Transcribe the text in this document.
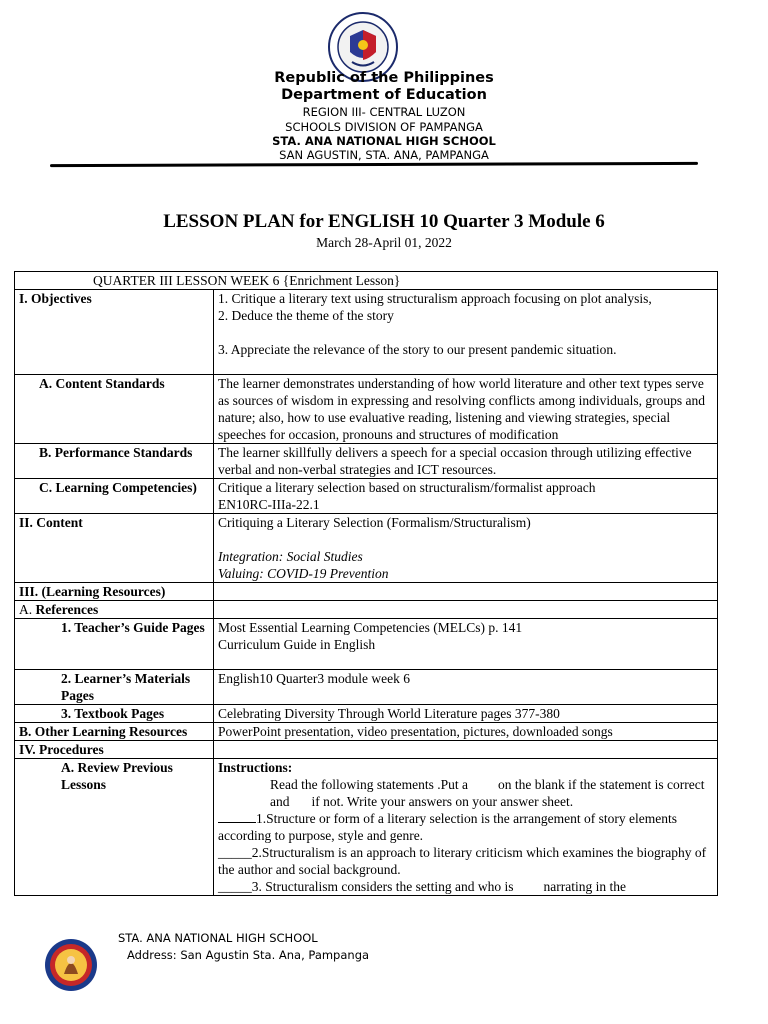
Republic of the Philippines
Department of Education
REGION III- CENTRAL LUZON
SCHOOLS DIVISION OF PAMPANGA
STA. ANA NATIONAL HIGH SCHOOL
SAN AGUSTIN, STA. ANA, PAMPANGA
LESSON PLAN for ENGLISH 10 Quarter 3 Module 6
March 28-April 01, 2022
QUARTER III LESSON WEEK 6 {Enrichment Lesson}	
I. Objectives	1. Critique a literary text using structuralism approach focusing on plot analysis,
2. Deduce the theme of the story
3. Appreciate the relevance of the story to our present pandemic situation.

A. Content Standards	The learner demonstrates understanding of how world literature and other text types serve as sources of wisdom in expressing and resolving conflicts among individuals, groups and nature; also, how to use evaluative reading, listening and viewing strategies, special speeches for occasion, pronouns and structures of modification
B. Performance Standards	The learner skillfully delivers a speech for a special occasion through utilizing effective verbal and non-verbal strategies and ICT resources.
C. Learning Competencies)	Critique a literary selection based on structuralism/formalist approach
EN10RC-IIIa-22.1

II. Content	Critiquing a Literary Selection (Formalism/Structuralism)
Integration: Social Studies
Valuing: COVID-19 Prevention

III. (Learning Resources)	
A. References	
1. Teacher’s Guide Pages	Most Essential Learning Competencies (MELCs) p. 141
Curriculum Guide in English

2. Learner’s Materials Pages	English10 Quarter3 module week 6
3. Textbook Pages	Celebrating Diversity Through World Literature pages 377-380
B. Other Learning Resources	PowerPoint presentation, video presentation, pictures, downloaded songs
IV. Procedures	
A. Review Previous Lessons	Instructions:
Read the following statements .Put a on the blank if the statement is correct and if not. Write your answers on your answer sheet.
1.Structure or form of a literary selection is the arrangement of story elements according to purpose, style and genre.
_____2.Structuralism is an approach to literary criticism which examines the biography of the author and social background.
_____3. Structuralism considers the setting and who is narrating in the
STA. ANA NATIONAL HIGH SCHOOL
Address: San Agustin Sta. Ana, Pampanga
